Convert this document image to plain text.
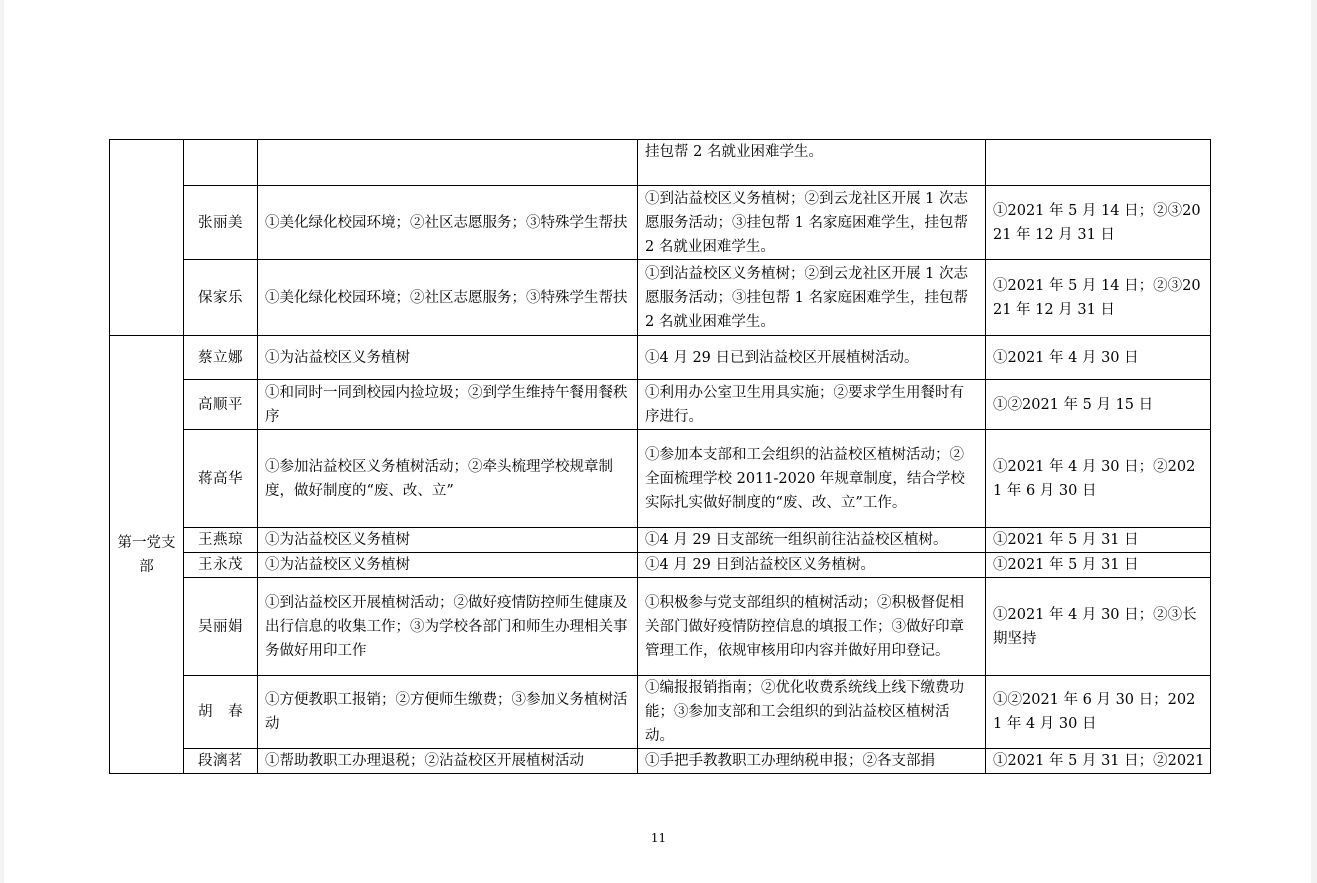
			挂包帮 2 名就业困难学生。	
	张丽美	①美化绿化校园环境；②社区志愿服务；③特殊学生帮扶	①到沾益校区义务植树；②到云龙社区开展 1 次志愿服务活动；③挂包帮 1 名家庭困难学生，挂包帮 2 名就业困难学生。	①2021 年 5 月 14 日；②③2021 年 12 月 31 日
	保家乐	①美化绿化校园环境；②社区志愿服务；③特殊学生帮扶	①到沾益校区义务植树；②到云龙社区开展 1 次志愿服务活动；③挂包帮 1 名家庭困难学生，挂包帮 2 名就业困难学生。	①2021 年 5 月 14 日；②③2021 年 12 月 31 日
第一党支部	蔡立娜	①为沾益校区义务植树	①4 月 29 日已到沾益校区开展植树活动。	①2021 年 4 月 30 日
	高顺平	①和同时一同到校园内捡垃圾；②到学生维持午餐用餐秩序	①利用办公室卫生用具实施；②要求学生用餐时有序进行。	①②2021 年 5 月 15 日
	蒋高华	①参加沾益校区义务植树活动；②牵头梳理学校规章制度，做好制度的“废、改、立”	①参加本支部和工会组织的沾益校区植树活动；②全面梳理学校 2011-2020 年规章制度，结合学校实际扎实做好制度的“废、改、立”工作。	①2021 年 4 月 30 日；②2021 年 6 月 30 日
	王燕琼	①为沾益校区义务植树	①4 月 29 日支部统一组织前往沾益校区植树。	①2021 年 5 月 31 日
	王永茂	①为沾益校区义务植树	①4 月 29 日到沾益校区义务植树。	①2021 年 5 月 31 日
	吴丽娟	①到沾益校区开展植树活动；②做好疫情防控师生健康及出行信息的收集工作；③为学校各部门和师生办理相关事务做好用印工作	①积极参与党支部组织的植树活动；②积极督促相关部门做好疫情防控信息的填报工作；③做好印章管理工作，依规审核用印内容并做好用印登记。	①2021 年 4 月 30 日；②③长期坚持
	胡　春	①方便教职工报销；②方便师生缴费；③参加义务植树活动	①编报报销指南；②优化收费系统线上线下缴费功能；③参加支部和工会组织的到沾益校区植树活动。	①②2021 年 6 月 30 日；2021 年 4 月 30 日
	段漓茗	①帮助教职工办理退税；②沾益校区开展植树活动	①手把手教教职工办理纳税申报；②各支部捐	①2021 年 5 月 31 日；②2021
11
